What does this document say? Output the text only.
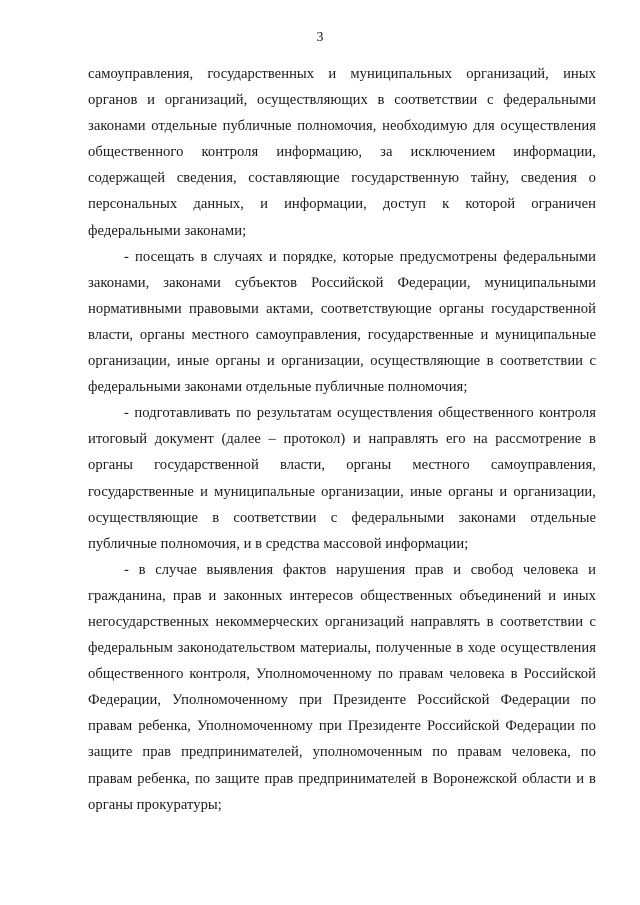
3

самоуправления, государственных и муниципальных организаций, иных органов и организаций, осуществляющих в соответствии с федеральными законами отдельные публичные полномочия, необходимую для осуществления общественного контроля информацию, за исключением информации, содержащей сведения, составляющие государственную тайну, сведения о персональных данных, и информации, доступ к которой ограничен федеральными законами;

- посещать в случаях и порядке, которые предусмотрены федеральными законами, законами субъектов Российской Федерации, муниципальными нормативными правовыми актами, соответствующие органы государственной власти, органы местного самоуправления, государственные и муниципальные организации, иные органы и организации, осуществляющие в соответствии с федеральными законами отдельные публичные полномочия;

- подготавливать по результатам осуществления общественного контроля итоговый документ (далее – протокол) и направлять его на рассмотрение в органы государственной власти, органы местного самоуправления, государственные и муниципальные организации, иные органы и организации, осуществляющие в соответствии с федеральными законами отдельные публичные полномочия, и в средства массовой информации;

- в случае выявления фактов нарушения прав и свобод человека и гражданина, прав и законных интересов общественных объединений и иных негосударственных некоммерческих организаций направлять в соответствии с федеральным законодательством материалы, полученные в ходе осуществления общественного контроля, Уполномоченному по правам человека в Российской Федерации, Уполномоченному при Президенте Российской Федерации по правам ребенка, Уполномоченному при Президенте Российской Федерации по защите прав предпринимателей, уполномоченным по правам человека, по правам ребенка, по защите прав предпринимателей в Воронежской области и в органы прокуратуры;
